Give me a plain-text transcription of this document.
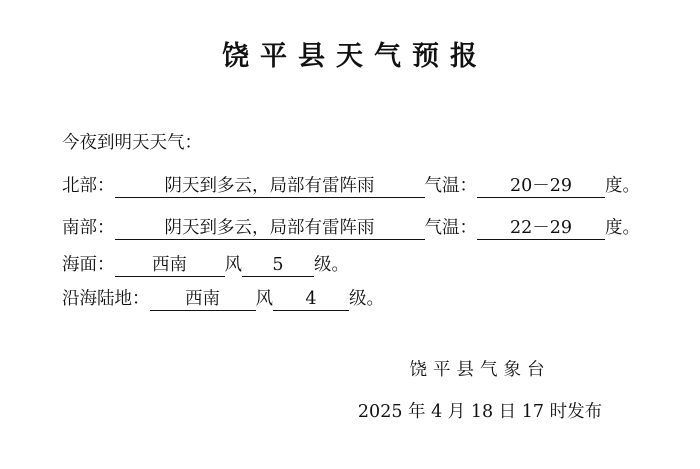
饶平县天气预报
今夜到明天天气：
北部：	阴天到多云，局部有雷阵雨	气温： 20－29 度。
南部：	阴天到多云，局部有雷阵雨	气温： 22－29 度。
海面： 西南 风 5 级。
沿海陆地： 西南 风 4 级。
饶平县气象台
2025 年 4 月 18 日 17 时发布
